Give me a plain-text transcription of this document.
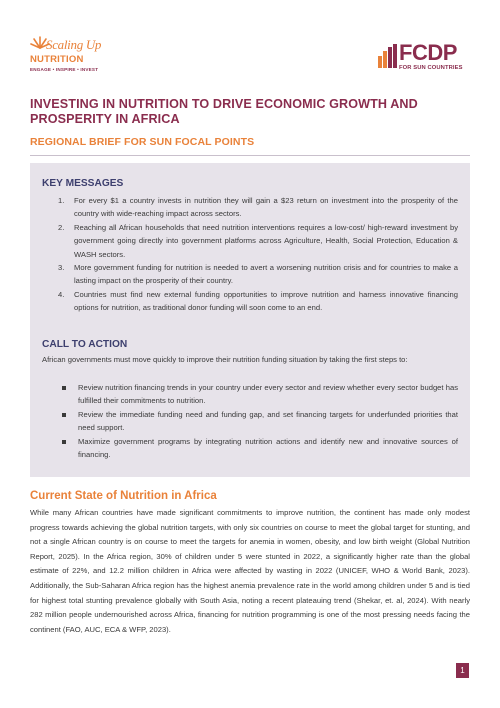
Scaling Up
NUTRITION
ENGAGE • INSPIRE • INVEST
FCDP
FOR SUN COUNTRIES
INVESTING IN NUTRITION TO DRIVE ECONOMIC GROWTH AND PROSPERITY IN AFRICA
REGIONAL BRIEF FOR SUN FOCAL POINTS
KEY MESSAGES
1. For every $1 a country invests in nutrition they will gain a $23 return on investment into the prosperity of the country with wide-reaching impact across sectors.
2. Reaching all African households that need nutrition interventions requires a low-cost/ high-reward investment by government going directly into government platforms across Agriculture, Health, Social Protection, Education & WASH sectors.
3. More government funding for nutrition is needed to avert a worsening nutrition crisis and for countries to make a lasting impact on the prosperity of their country.
4. Countries must find new external funding opportunities to improve nutrition and harness innovative financing options for nutrition, as traditional donor funding will soon come to an end.
CALL TO ACTION
African governments must move quickly to improve their nutrition funding situation by taking the first steps to:
Review nutrition financing trends in your country under every sector and review whether every sector budget has fulfilled their commitments to nutrition.
Review the immediate funding need and funding gap, and set financing targets for underfunded priorities that need support.
Maximize government programs by integrating nutrition actions and identify new and innovative sources of financing.
Current State of Nutrition in Africa
While many African countries have made significant commitments to improve nutrition, the continent has made only modest progress towards achieving the global nutrition targets, with only six countries on course to meet the global target for stunting, and not a single African country is on course to meet the targets for anemia in women, obesity, and low birth weight (Global Nutrition Report, 2025). In the Africa region, 30% of children under 5 were stunted in 2022, a significantly higher rate than the global estimate of 22%, and 12.2 million children in Africa were affected by wasting in 2022 (UNICEF, WHO & World Bank, 2023). Additionally, the Sub-Saharan Africa region has the highest anemia prevalence rate in the world among children under 5 and is tied for highest total stunting prevalence globally with South Asia, noting a recent plateauing trend (Shekar, et. al, 2024). With nearly 282 million people undernourished across Africa, financing for nutrition programming is one of the most pressing needs facing the continent (FAO, AUC, ECA & WFP, 2023).
1
